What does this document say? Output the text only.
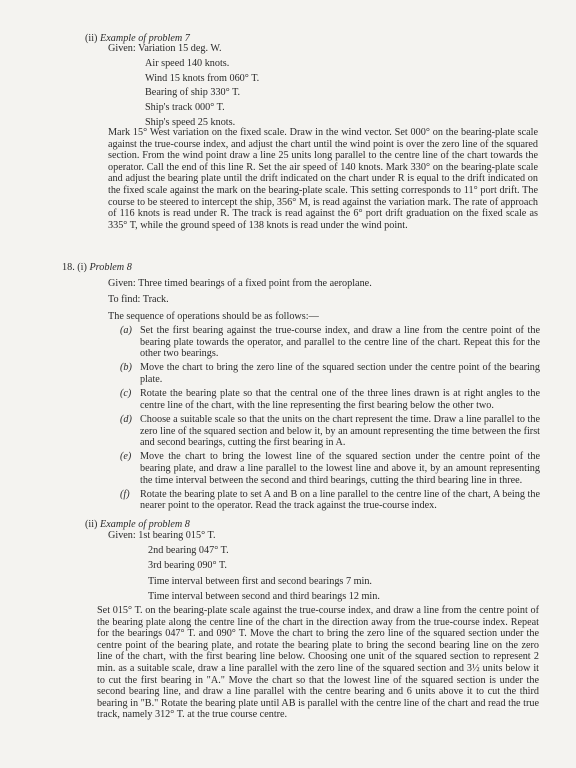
(ii) Example of problem 7
Given: Variation 15 deg. W.
Air speed 140 knots.
Wind 15 knots from 060° T.
Bearing of ship 330° T.
Ship's track 000° T.
Ship's speed 25 knots.

Mark 15° West variation on the fixed scale. Draw in the wind vector. Set 000° on the bearing-plate scale against the true-course index, and adjust the chart until the wind point is over the zero line of the squared section. From the wind point draw a line 25 units long parallel to the centre line of the chart towards the operator. Call the end of this line R. Set the air speed of 140 knots. Mark 330° on the bearing-plate scale and adjust the bearing plate until the drift indicated on the chart under R is equal to the drift indicated on the fixed scale against the mark on the bearing-plate scale. This setting corresponds to 11° port drift. The course to be steered to intercept the ship, 356° M, is read against the variation mark. The rate of approach of 116 knots is read under R. The track is read against the 6° port drift graduation on the fixed scale as 335° T, while the ground speed of 138 knots is read under the wind point.

18. (i) Problem 8
Given: Three timed bearings of a fixed point from the aeroplane.
To find: Track.
The sequence of operations should be as follows:—
(a) Set the first bearing against the true-course index, and draw a line from the centre point of the bearing plate towards the operator, and parallel to the centre line of the chart. Repeat this for the other two bearings.
(b) Move the chart to bring the zero line of the squared section under the centre point of the bearing plate.
(c) Rotate the bearing plate so that the central one of the three lines drawn is at right angles to the centre line of the chart, with the line representing the first bearing below the other two.
(d) Choose a suitable scale so that the units on the chart represent the time. Draw a line parallel to the zero line of the squared section and below it, by an amount representing the time between the first and second bearings, cutting the first bearing in A.
(e) Move the chart to bring the lowest line of the squared section under the centre point of the bearing plate, and draw a line parallel to the lowest line and above it, by an amount representing the time interval between the second and third bearings, cutting the third bearing line in three.
(f) Rotate the bearing plate to set A and B on a line parallel to the centre line of the chart, A being the nearer point to the operator. Read the track against the true-course index.
(ii) Example of problem 8
Given: 1st bearing 015° T.
2nd bearing 047° T.
3rd bearing 090° T.
Time interval between first and second bearings 7 min.
Time interval between second and third bearings 12 min.

Set 015° T. on the bearing-plate scale against the true-course index, and draw a line from the centre point of the bearing plate along the centre line of the chart in the direction away from the true-course index. Repeat for the bearings 047° T. and 090° T. Move the chart to bring the zero line of the squared section under the centre point of the bearing plate, and rotate the bearing plate to bring the second bearing line on the zero line of the chart, with the first bearing line below. Choosing one unit of the squared section to represent 2 min. as a suitable scale, draw a line parallel with the zero line of the squared section and 3½ units below it to cut the first bearing in "A." Move the chart so that the lowest line of the squared section is under the second bearing line, and draw a line parallel with the centre bearing and 6 units above it to cut the third bearing in "B." Rotate the bearing plate until AB is parallel with the centre line of the chart and read the true track, namely 312° T. at the true course centre.
